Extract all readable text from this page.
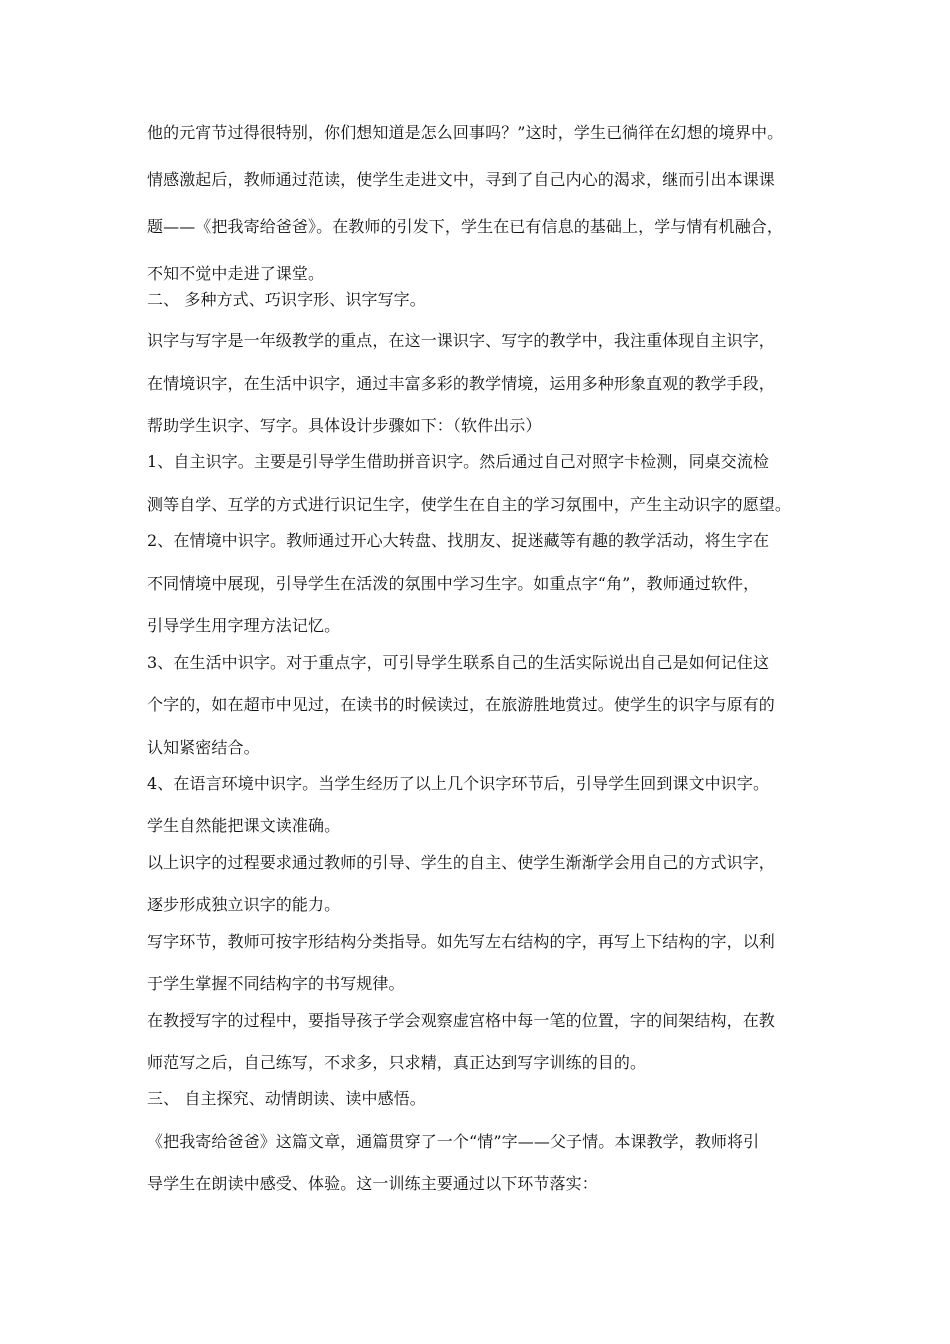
他的元宵节过得很特别，你们想知道是怎么回事吗？”这时，学生已徜徉在幻想的境界中。
情感激起后，教师通过范读，使学生走进文中，寻到了自己内心的渴求，继而引出本课课
题——《把我寄给爸爸》。在教师的引发下，学生在已有信息的基础上，学与情有机融合，
不知不觉中走进了课堂。
二、 多种方式、巧识字形、识字写字。
识字与写字是一年级教学的重点，在这一课识字、写字的教学中，我注重体现自主识字，
在情境识字，在生活中识字，通过丰富多彩的教学情境，运用多种形象直观的教学手段，
帮助学生识字、写字。具体设计步骤如下：（软件出示）
1、自主识字。主要是引导学生借助拼音识字。然后通过自己对照字卡检测，同桌交流检
测等自学、互学的方式进行识记生字，使学生在自主的学习氛围中，产生主动识字的愿望。
2、在情境中识字。教师通过开心大转盘、找朋友、捉迷藏等有趣的教学活动，将生字在
不同情境中展现，引导学生在活泼的氛围中学习生字。如重点字“角”，教师通过软件，
引导学生用字理方法记忆。
3、在生活中识字。对于重点字，可引导学生联系自己的生活实际说出自己是如何记住这
个字的，如在超市中见过，在读书的时候读过，在旅游胜地赏过。使学生的识字与原有的
认知紧密结合。
4、在语言环境中识字。当学生经历了以上几个识字环节后，引导学生回到课文中识字。
学生自然能把课文读准确。
以上识字的过程要求通过教师的引导、学生的自主、使学生渐渐学会用自己的方式识字，
逐步形成独立识字的能力。
写字环节，教师可按字形结构分类指导。如先写左右结构的字，再写上下结构的字，以利
于学生掌握不同结构字的书写规律。
在教授写字的过程中，要指导孩子学会观察虚宫格中每一笔的位置，字的间架结构，在教
师范写之后，自己练写，不求多，只求精，真正达到写字训练的目的。
三、 自主探究、动情朗读、读中感悟。
《把我寄给爸爸》这篇文章，通篇贯穿了一个“情”字——父子情。本课教学，教师将引
导学生在朗读中感受、体验。这一训练主要通过以下环节落实：
